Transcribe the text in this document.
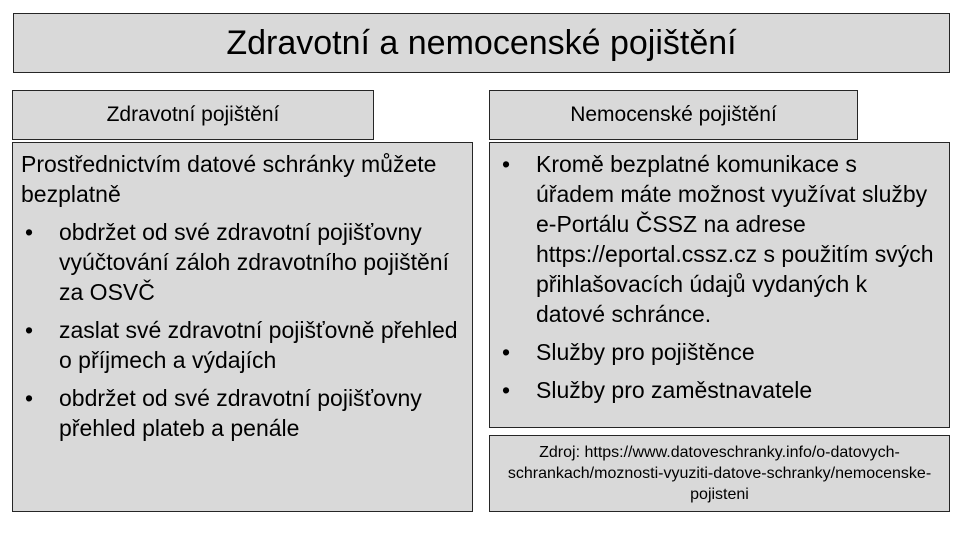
Zdravotní a nemocenské pojištění
Zdravotní pojištění	Nemocenské pojištění

Prostřednictvím datové schránky můžete bezplatně

•	obdržet od své zdravotní pojišťovny vyúčtování záloh zdravotního pojištění za OSVČ
•	zaslat své zdravotní pojišťovně přehled o příjmech a výdajích
•	obdržet od své zdravotní pojišťovny přehled plateb a penále
•	Kromě bezplatné komunikace s úřadem máte možnost využívat služby e-Portálu ČSSZ na adrese https://eportal.cssz.cz s použitím svých přihlašovacích údajů vydaných k datové schránce.
•	Služby pro pojištěnce
•	Služby pro zaměstnavatele
Zdroj: https://www.datoveschranky.info/o-datovych-schrankach/moznosti-vyuziti-datove-schranky/nemocenske-pojisteni
